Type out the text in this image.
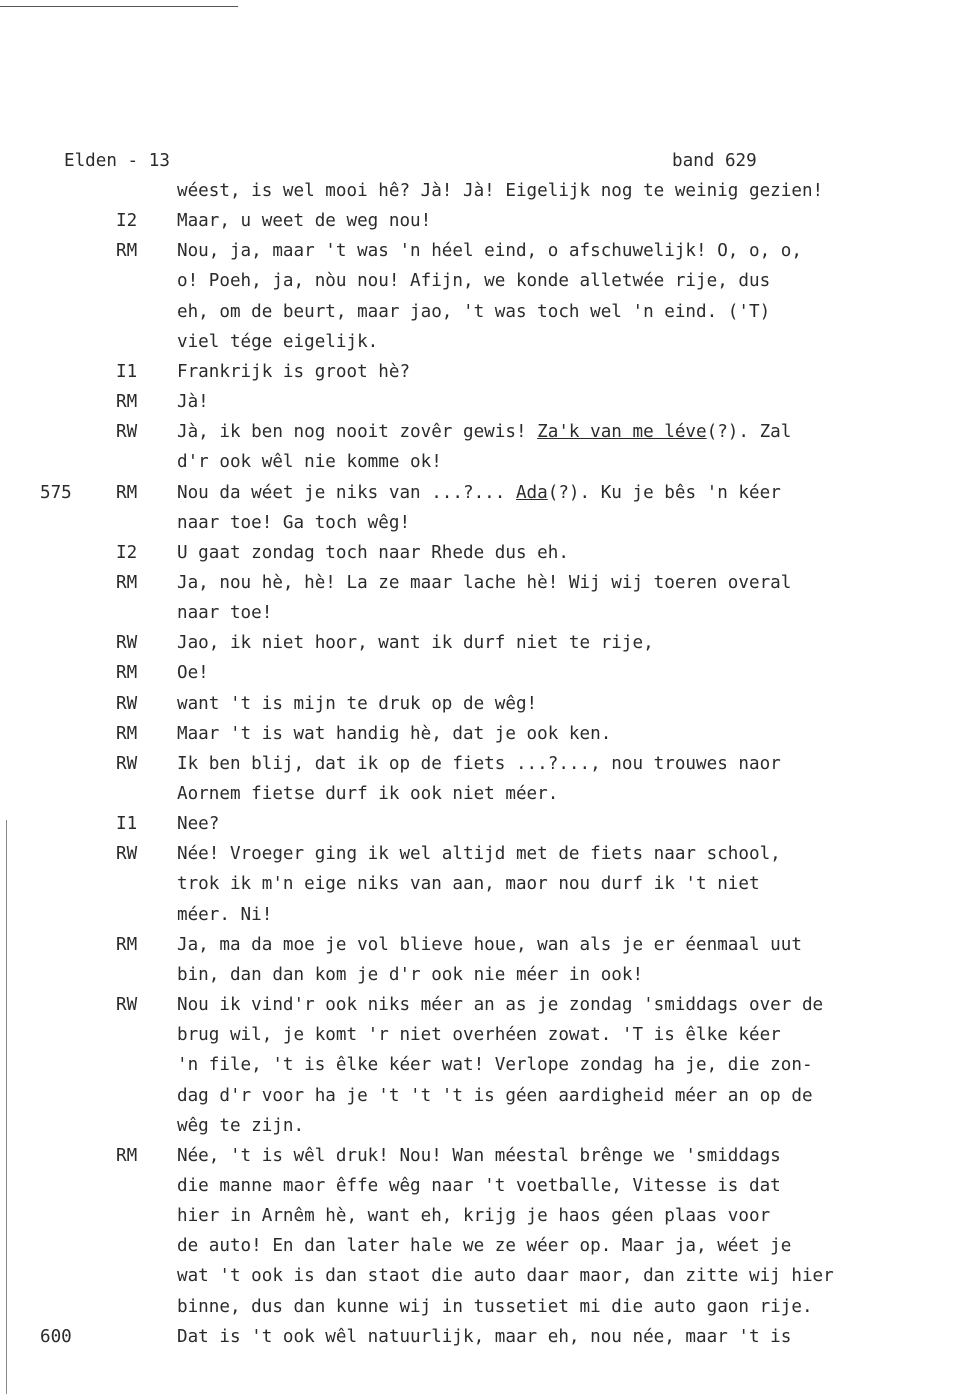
Elden - 13	band 629
wéest, is wel mooi hê? Jà! Jà! Eigelijk nog te weinig gezien!
I2 Maar, u weet de weg nou!
RM Nou, ja, maar 't was 'n héel eind, o afschuwelijk! O, o, o,
o! Poeh, ja, nòu nou! Afijn, we konde alletwée rije, dus
eh, om de beurt, maar jao, 't was toch wel 'n eind. ('T)
viel tége eigelijk.
I1 Frankrijk is groot hè?
RM Jà!
RW Jà, ik ben nog nooit zovêr gewis! Za'k van me léve(?). Zal
d'r ook wêl nie komme ok!
575	RM Nou da wéet je niks van ...?... Ada(?). Ku je bês 'n kéer
naar toe! Ga toch wêg!
I2 U gaat zondag toch naar Rhede dus eh.
RM Ja, nou hè, hè! La ze maar lache hè! Wij wij toeren overal
naar toe!
RW Jao, ik niet hoor, want ik durf niet te rije,
RM Oe!
RW want 't is mijn te druk op de wêg!
RM Maar 't is wat handig hè, dat je ook ken.
RW Ik ben blij, dat ik op de fiets ...?..., nou trouwes naor
Aornem fietse durf ik ook niet méer.
I1 Nee?
RW Née! Vroeger ging ik wel altijd met de fiets naar school,
trok ik m'n eige niks van aan, maor nou durf ik 't niet
méer. Ni!
RM Ja, ma da moe je vol blieve houe, wan als je er éenmaal uut
bin, dan dan kom je d'r ook nie méer in ook!
RW Nou ik vind'r ook niks méer an as je zondag 'smiddags over de
brug wil, je komt 'r niet overhéen zowat. 'T is êlke kéer
'n file, 't is êlke kéer wat! Verlope zondag ha je, die zon-
dag d'r voor ha je 't 't 't is géen aardigheid méer an op de
wêg te zijn.
RM Née, 't is wêl druk! Nou! Wan méestal brênge we 'smiddags
die manne maor êffe wêg naar 't voetballe, Vitesse is dat
hier in Arnêm hè, want eh, krijg je haos géen plaas voor
de auto! En dan later hale we ze wéer op. Maar ja, wéet je
wat 't ook is dan staot die auto daar maor, dan zitte wij hier
binne, dus dan kunne wij in tussetiet mi die auto gaon rije.
600	Dat is 't ook wêl natuurlijk, maar eh, nou née, maar 't is
